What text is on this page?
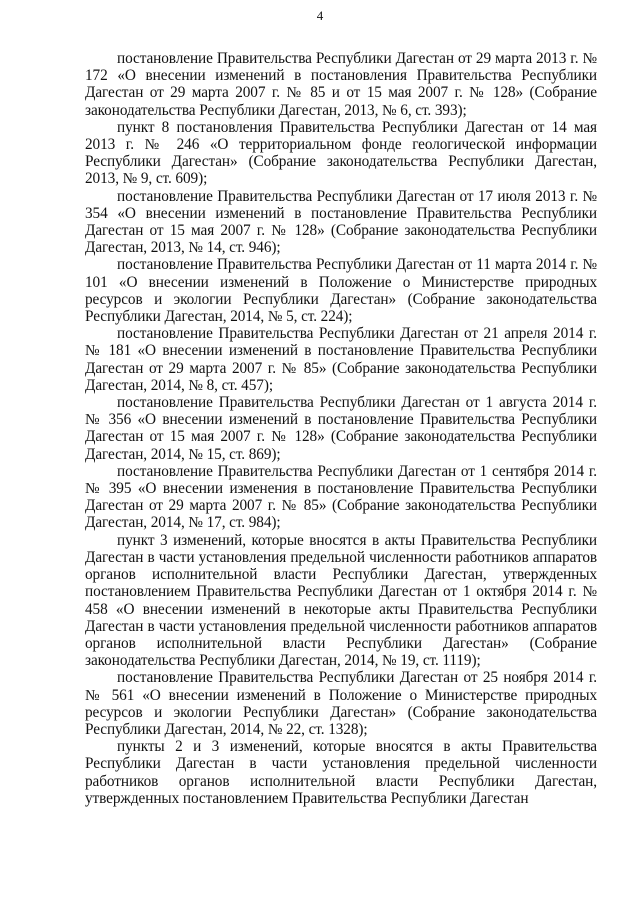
4

постановление Правительства Республики Дагестан от 29 марта 2013 г. № 172 «О внесении изменений в постановления Правительства Республики Дагестан от 29 марта 2007 г. № 85 и от 15 мая 2007 г. № 128» (Собрание законодательства Республики Дагестан, 2013, № 6, ст. 393);

пункт 8 постановления Правительства Республики Дагестан от 14 мая 2013 г. № 246 «О территориальном фонде геологической информации Республики Дагестан» (Собрание законодательства Республики Дагестан, 2013, № 9, ст. 609);

постановление Правительства Республики Дагестан от 17 июля 2013 г. № 354 «О внесении изменений в постановление Правительства Республики Дагестан от 15 мая 2007 г. № 128» (Собрание законодательства Республики Дагестан, 2013, № 14, ст. 946);

постановление Правительства Республики Дагестан от 11 марта 2014 г. № 101 «О внесении изменений в Положение о Министерстве природных ресурсов и экологии Республики Дагестан» (Собрание законодательства Республики Дагестан, 2014, № 5, ст. 224);

постановление Правительства Республики Дагестан от 21 апреля 2014 г. № 181 «О внесении изменений в постановление Правительства Республики Дагестан от 29 марта 2007 г. № 85» (Собрание законодательства Республики Дагестан, 2014, № 8, ст. 457);

постановление Правительства Республики Дагестан от 1 августа 2014 г. № 356 «О внесении изменений в постановление Правительства Республики Дагестан от 15 мая 2007 г. № 128» (Собрание законодательства Республики Дагестан, 2014, № 15, ст. 869);

постановление Правительства Республики Дагестан от 1 сентября 2014 г. № 395 «О внесении изменения в постановление Правительства Республики Дагестан от 29 марта 2007 г. № 85» (Собрание законодательства Республики Дагестан, 2014, № 17, ст. 984);

пункт 3 изменений, которые вносятся в акты Правительства Республики Дагестан в части установления предельной численности работников аппаратов органов исполнительной власти Республики Дагестан, утвержденных постановлением Правительства Республики Дагестан от 1 октября 2014 г. № 458 «О внесении изменений в некоторые акты Правительства Республики Дагестан в части установления предельной численности работников аппаратов органов исполнительной власти Республики Дагестан» (Собрание законодательства Республики Дагестан, 2014, № 19, ст. 1119);

постановление Правительства Республики Дагестан от 25 ноября 2014 г. № 561 «О внесении изменений в Положение о Министерстве природных ресурсов и экологии Республики Дагестан» (Собрание законодательства Республики Дагестан, 2014, № 22, ст. 1328);

пункты 2 и 3 изменений, которые вносятся в акты Правительства Республики Дагестан в части установления предельной численности работников органов исполнительной власти Республики Дагестан, утвержденных постановлением Правительства Республики Дагестан
